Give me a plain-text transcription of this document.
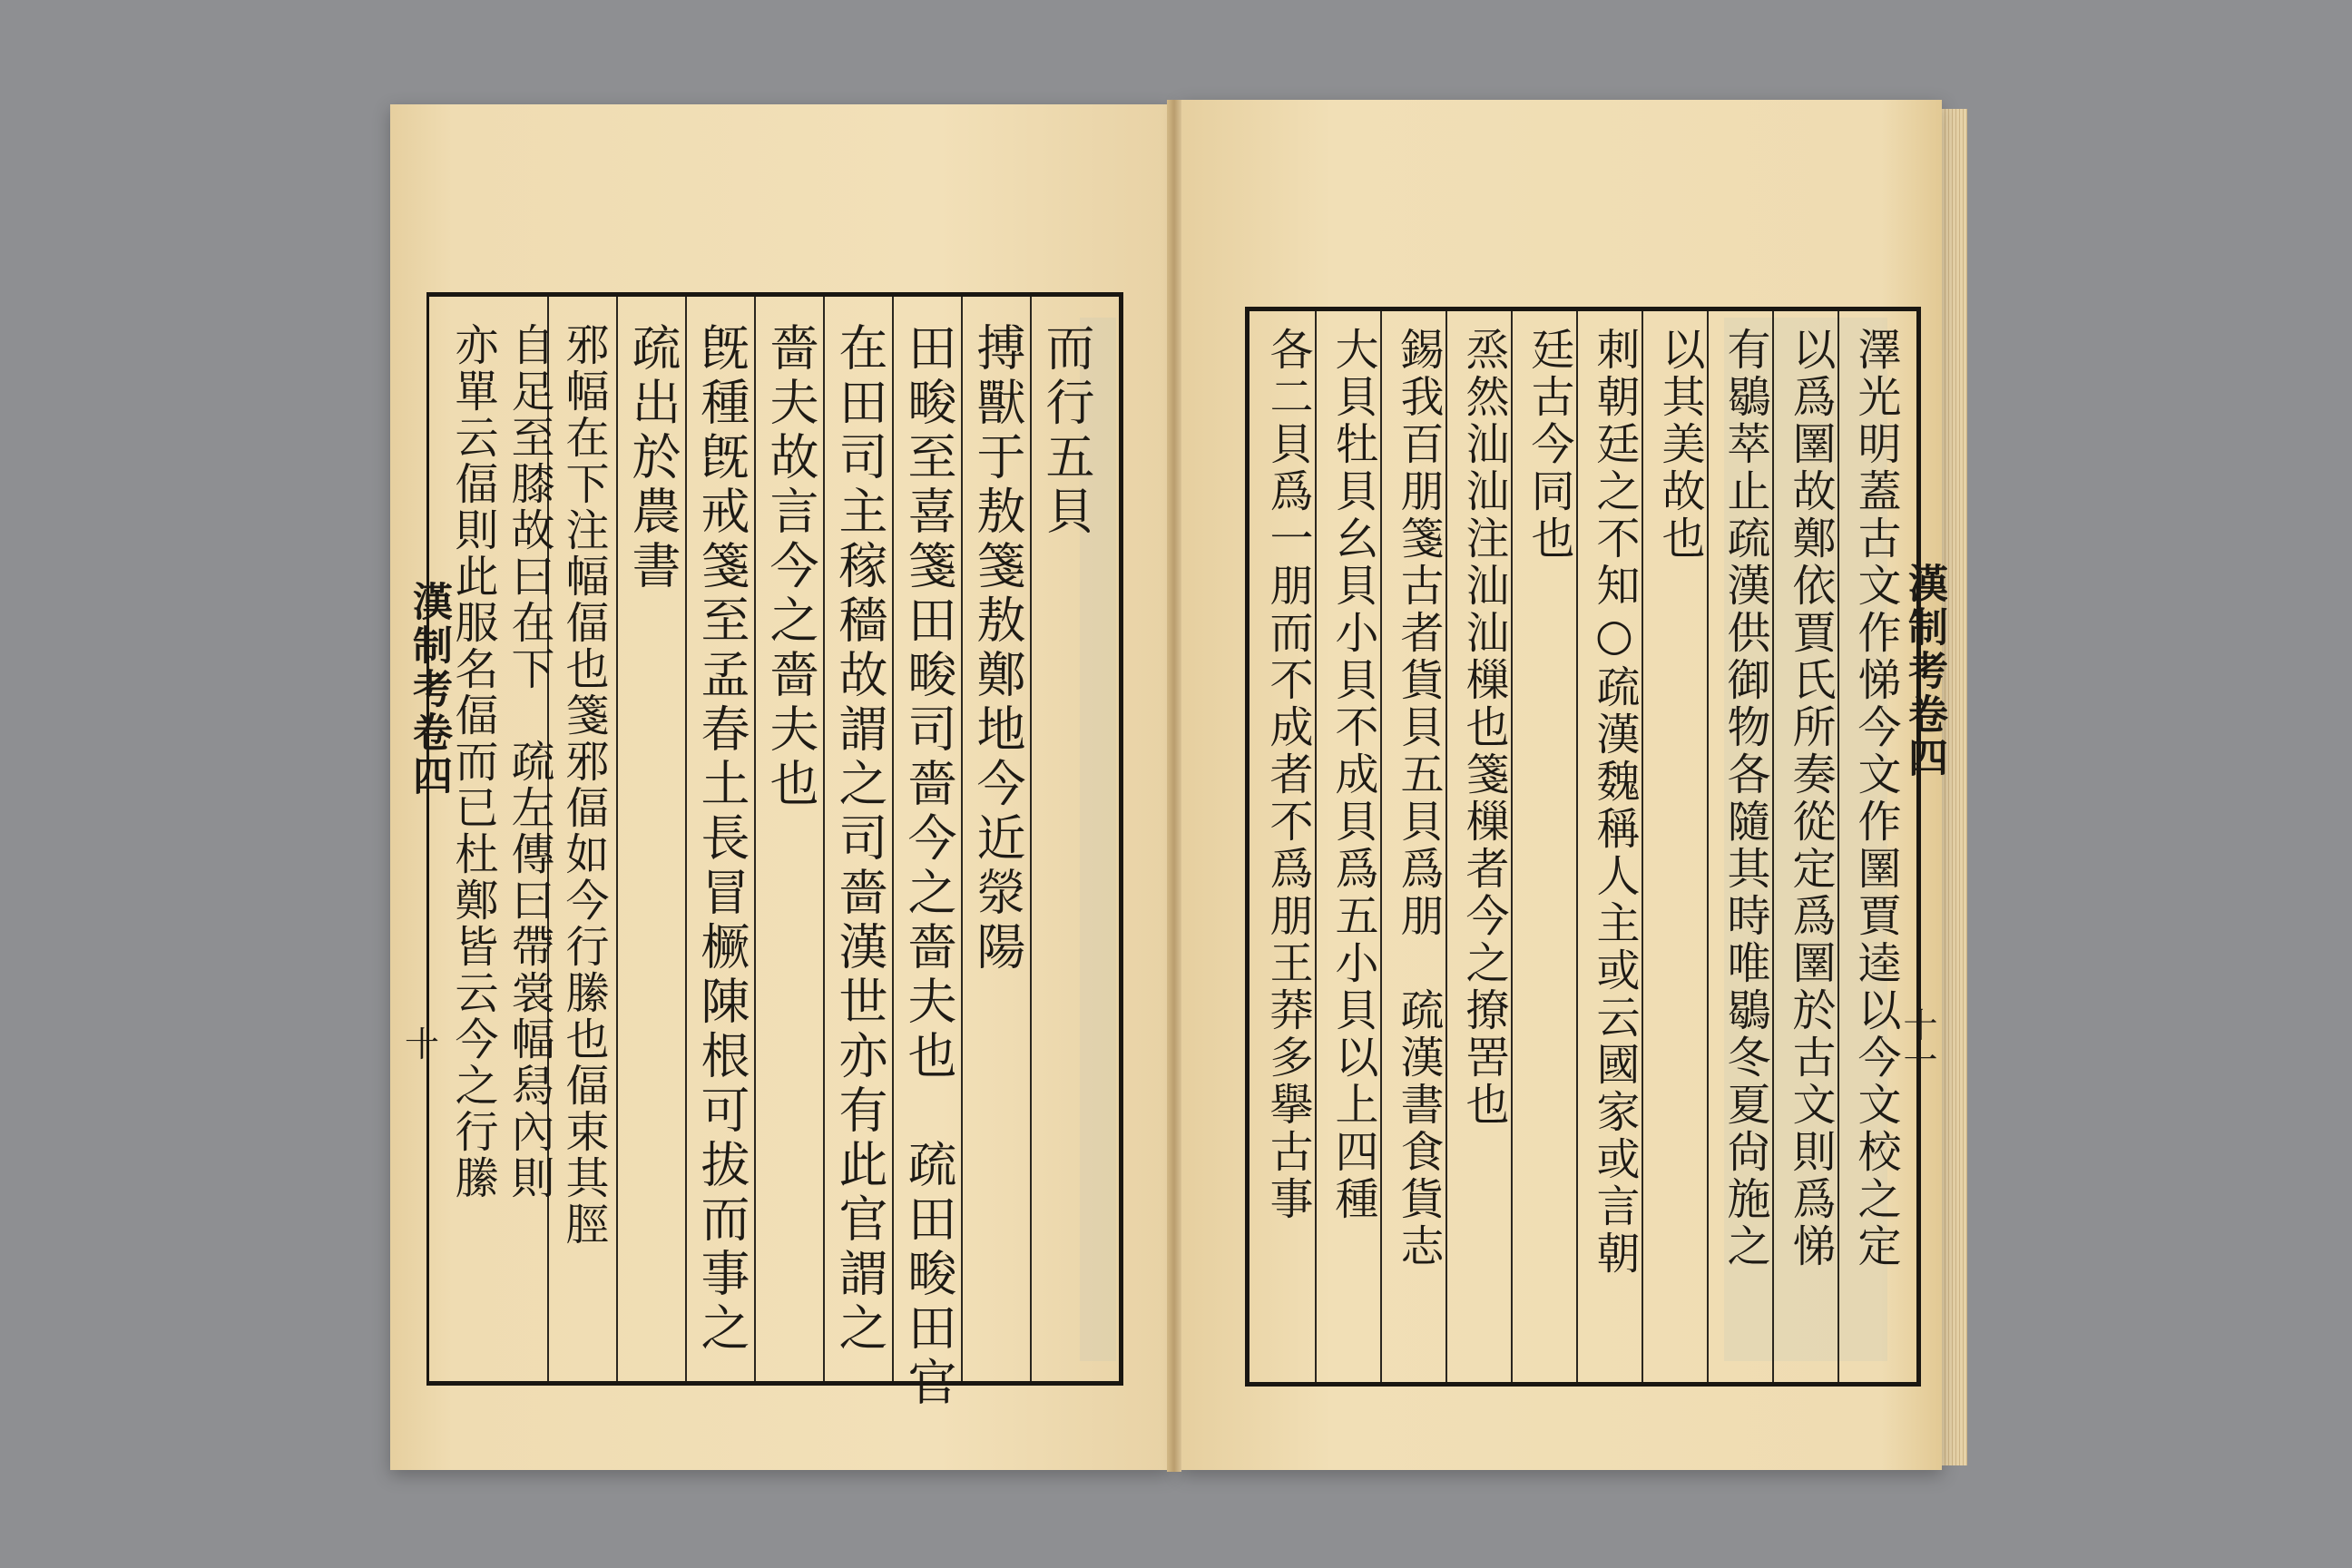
漢制考卷四
十
而行五貝
搏獸于敖箋敖鄭地今近滎陽
田畯至喜箋田畯司嗇今之嗇夫也　疏田畯田官
在田司主稼穡故謂之司嗇漢世亦有此官謂之
嗇夫故言今之嗇夫也
旣種旣戒箋至孟春土長冒橛陳根可拔而事之
疏出於農書
邪幅在下注幅偪也箋邪偪如今行縢也偪束其脛
自足至膝故曰在下　疏左傳曰帶裳幅舄內則
亦單云偪則此服名偪而已杜鄭皆云今之行縢	漢制考卷四
十一
澤光明蓋古文作悌今文作圛賈逵以今文校之定
以爲圛故鄭依賈氏所奏從定爲圛於古文則爲悌
有鶡萃止疏漢供御物各隨其時唯鶡冬夏尙施之
以其美故也
刺朝廷之不知○疏漢魏稱人主或云國家或言朝
廷古今同也
烝然汕汕注汕汕樔也箋樔者今之撩罟也
錫我百朋箋古者貨貝五貝爲朋　疏漢書食貨志
大貝牡貝幺貝小貝不成貝爲五小貝以上四種
各二貝爲一朋而不成者不爲朋王莽多擧古事
